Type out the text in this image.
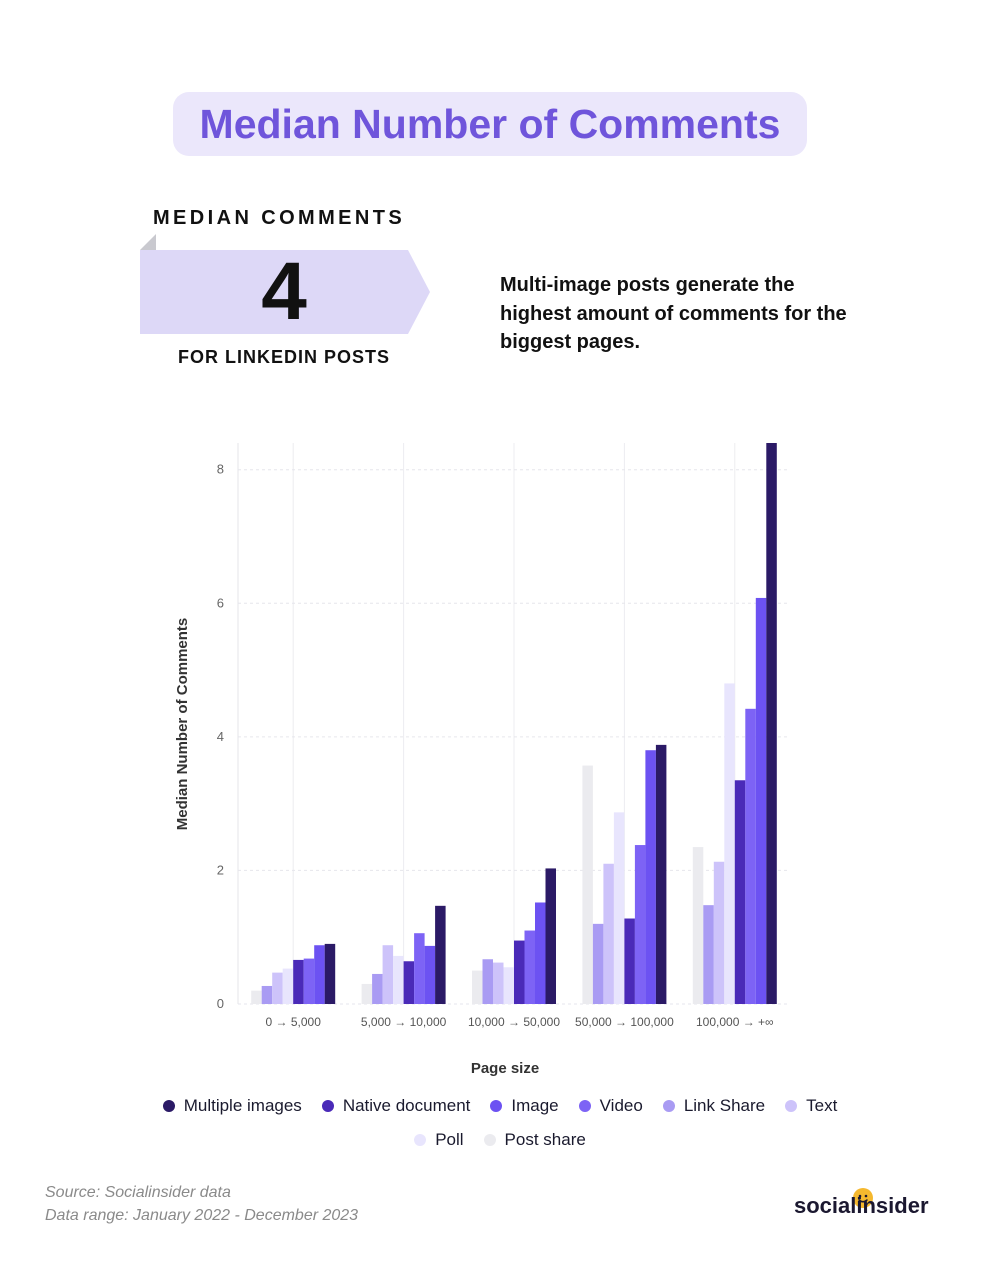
Median Number of Comments
MEDIAN COMMENTS
4
FOR LINKEDIN POSTS
Multi-image posts generate the highest amount of comments for the biggest pages.
0
2
4
6
8
0 → 5,000	5,000 → 10,000 10,000 → 50,000 50,000 → 100,000 100,000 → +∞
Page size
Median Number of Comments
Multiple images Native document Image Video Link Share Text
Poll Post share
Source: Socialinsider data
Data range: January 2022 - December 2023	socialinsider
